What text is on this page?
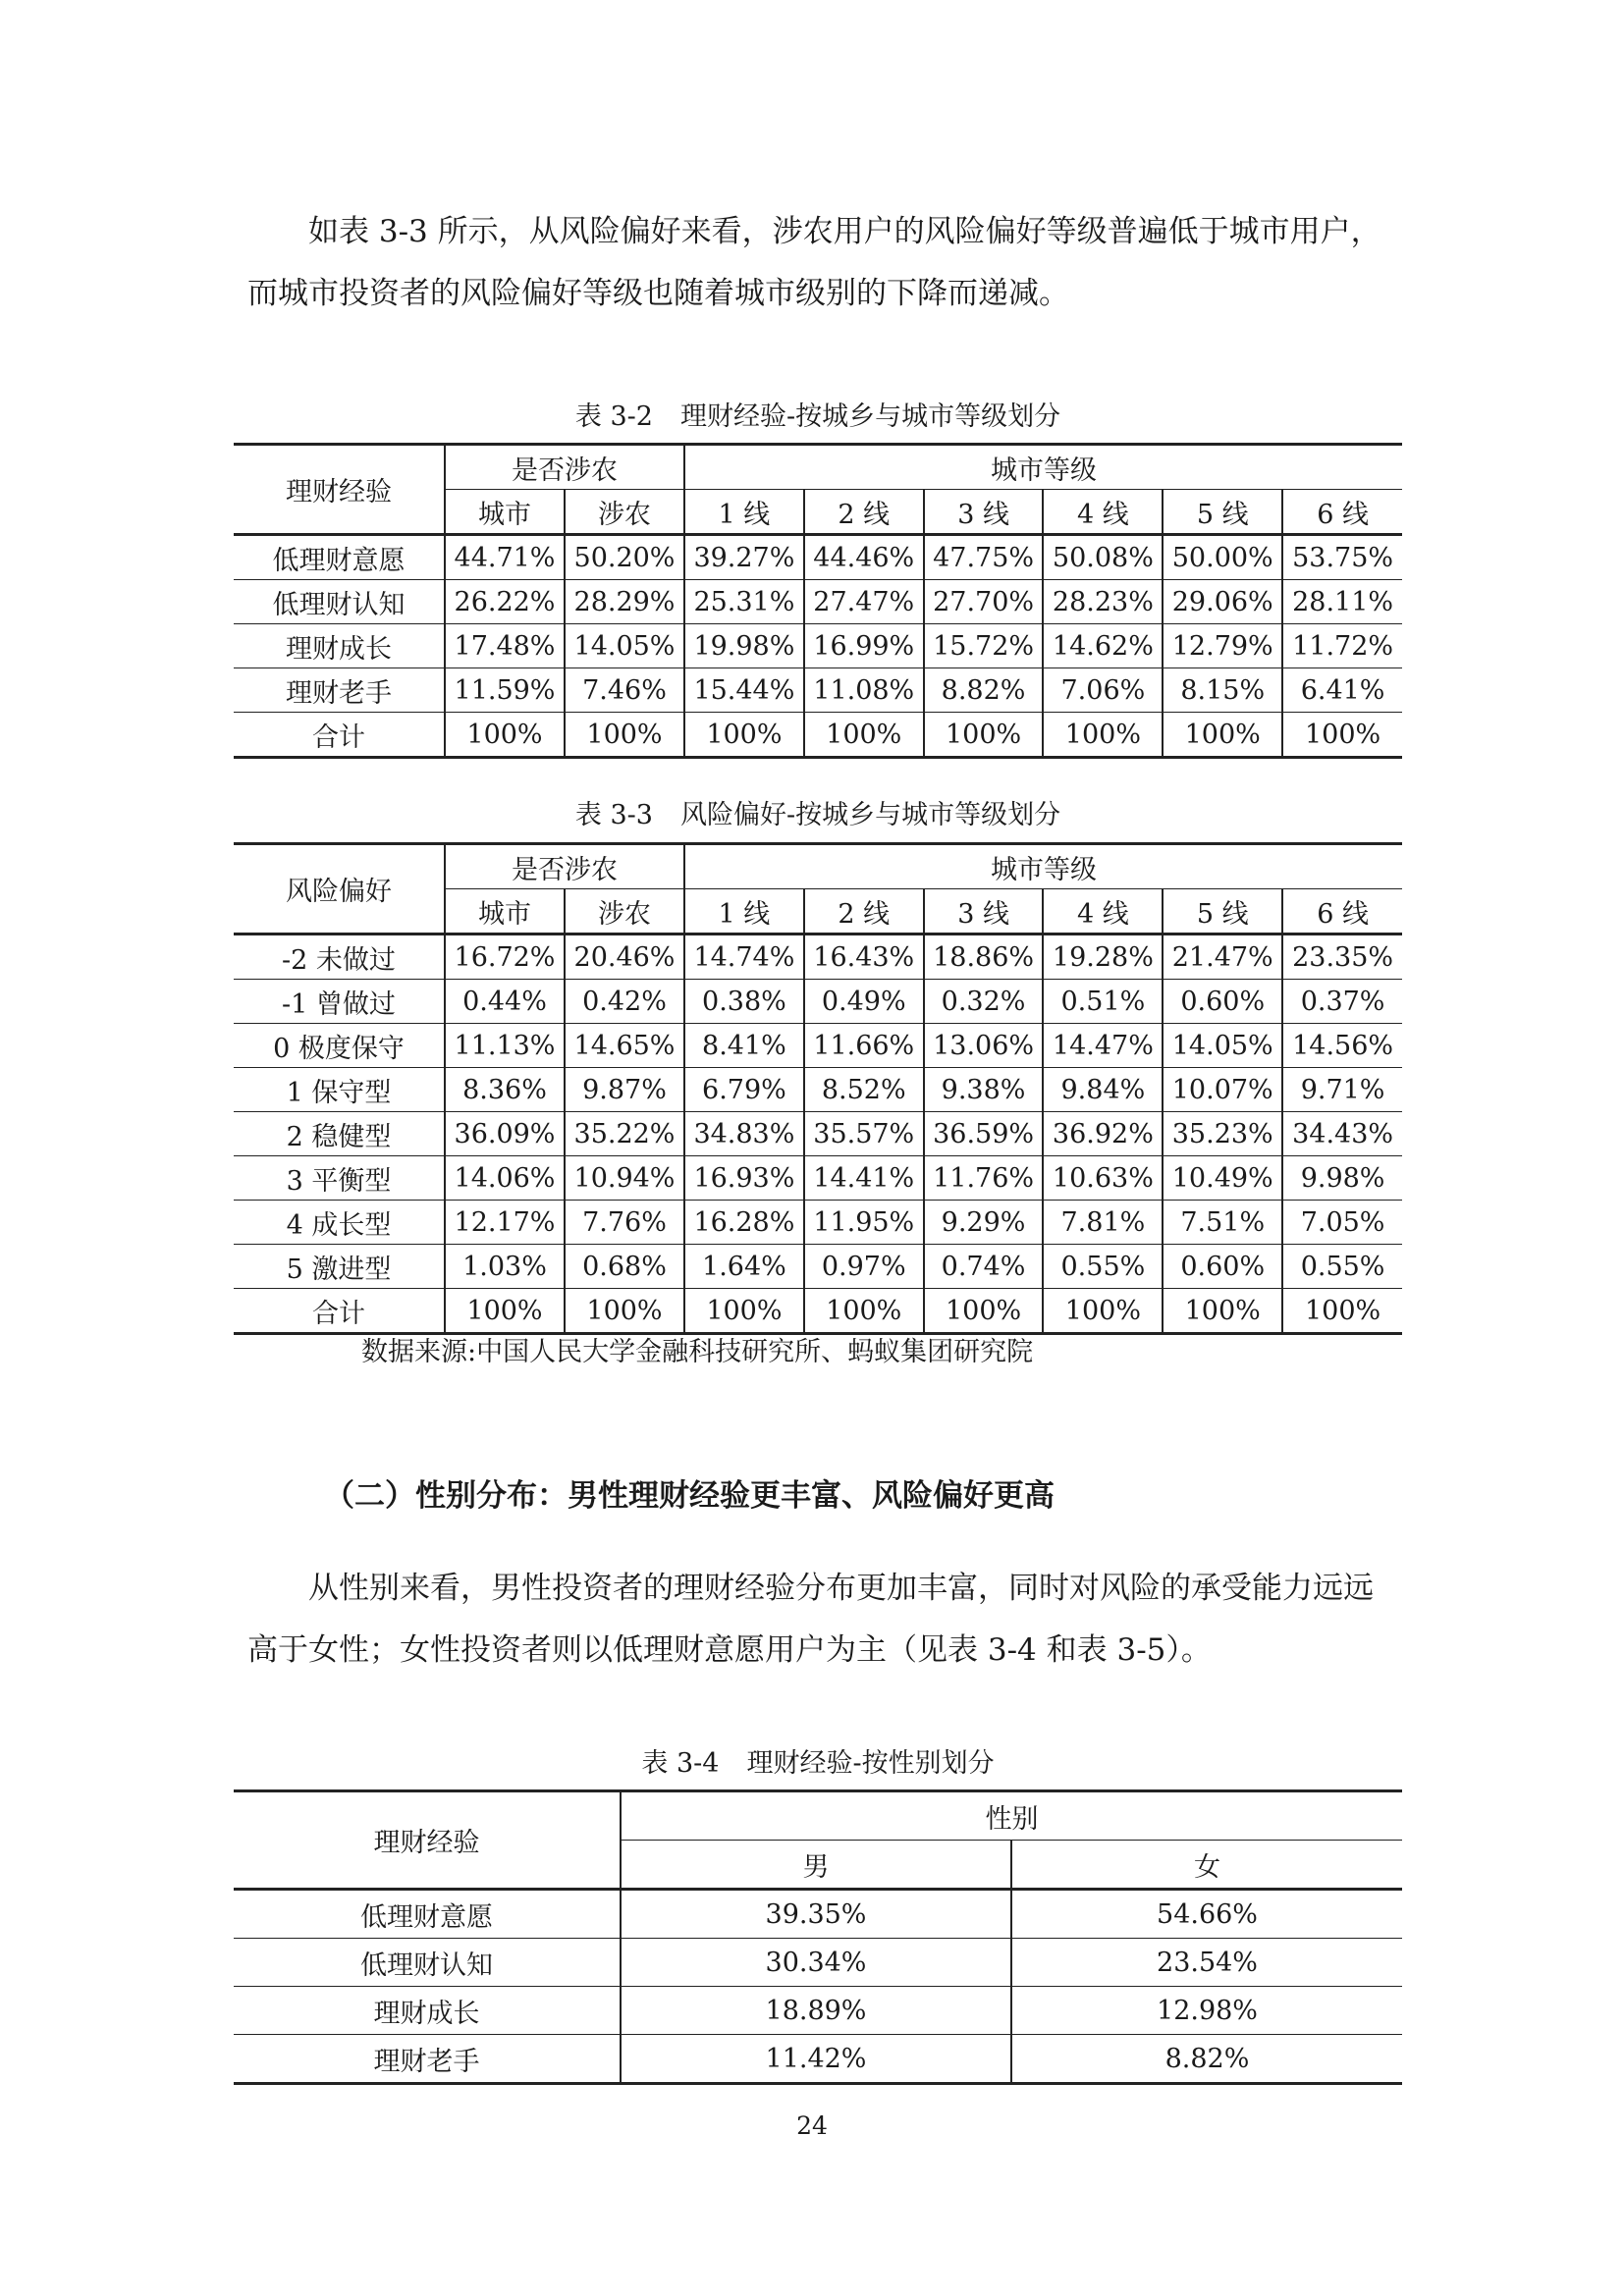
如表 3-3 所示，从风险偏好来看，涉农用户的风险偏好等级普遍低于城市用户，而城市投资者的风险偏好等级也随着城市级别的下降而递减。

表 3-2 理财经验-按城乡与城市等级划分
理财经验	是否涉农		城市等级					
	城市	涉农	1 线	2 线	3 线	4 线	5 线	6 线
低理财意愿	44.71%	50.20%	39.27%	44.46%	47.75%	50.08%	50.00%	53.75%
低理财认知	26.22%	28.29%	25.31%	27.47%	27.70%	28.23%	29.06%	28.11%
理财成长	17.48%	14.05%	19.98%	16.99%	15.72%	14.62%	12.79%	11.72%
理财老手	11.59%	7.46%	15.44%	11.08%	8.82%	7.06%	8.15%	6.41%
合计	100%	100%	100%	100%	100%	100%	100%	100%
表 3-3 风险偏好-按城乡与城市等级划分
风险偏好	是否涉农		城市等级					
	城市	涉农	1 线	2 线	3 线	4 线	5 线	6 线
-2 未做过	16.72%	20.46%	14.74%	16.43%	18.86%	19.28%	21.47%	23.35%
-1 曾做过	0.44%	0.42%	0.38%	0.49%	0.32%	0.51%	0.60%	0.37%
0 极度保守	11.13%	14.65%	8.41%	11.66%	13.06%	14.47%	14.05%	14.56%
1 保守型	8.36%	9.87%	6.79%	8.52%	9.38%	9.84%	10.07%	9.71%
2 稳健型	36.09%	35.22%	34.83%	35.57%	36.59%	36.92%	35.23%	34.43%
3 平衡型	14.06%	10.94%	16.93%	14.41%	11.76%	10.63%	10.49%	9.98%
4 成长型	12.17%	7.76%	16.28%	11.95%	9.29%	7.81%	7.51%	7.05%
5 激进型	1.03%	0.68%	1.64%	0.97%	0.74%	0.55%	0.60%	0.55%
合计	100%	100%	100%	100%	100%	100%	100%	100%
数据来源:中国人民大学金融科技研究所、蚂蚁集团研究院
（二）性别分布：男性理财经验更丰富、风险偏好更高

从性别来看，男性投资者的理财经验分布更加丰富，同时对风险的承受能力远远高于女性；女性投资者则以低理财意愿用户为主（见表 3-4 和表 3-5）。

表 3-4 理财经验-按性别划分
理财经验	性别	
	男	女
低理财意愿	39.35%	54.66%
低理财认知	30.34%	23.54%
理财成长	18.89%	12.98%
理财老手	11.42%	8.82%
24
